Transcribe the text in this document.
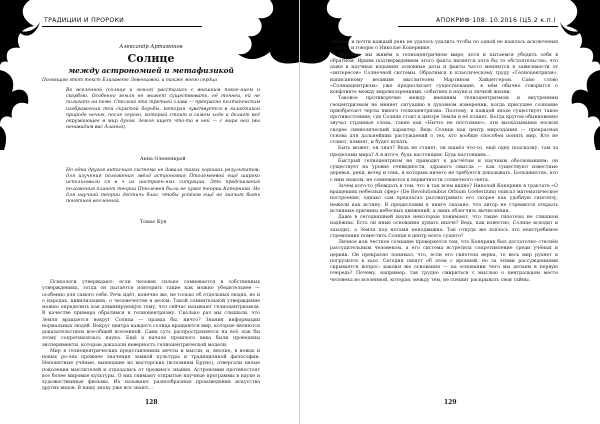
ТРАДИЦИИ И ПРОРОКИ
Александр Артамонов
Солнце
между астрономией и метафизикой
Посвящаю этот текст Елизавете Левенцовой, а также моего сердца
Во вселенной (солнце и земля) расстались с внешним покое-нием и скорбью. Особенно земля не может существовать, её тоннеи, ей не полагать на пеме. Столько эта третьей слава — прекрасно полтапонским изображения той скрытой борьбы, которая чувствуется в галактикой природе ночью, после серого, который стоит в самом ходе и делает всё окружающее в мир духов. Земля ищет что-то в ней — с мира ней (вы ненавидим вас Алания).
Анна Олененкрой
Но одна другая античная система не давала таких хороших результатов, для изучения положения звёзд астрономия Птолемеевой ещё широко использовали ся в ч их настроен-ных ситуации. Это предсказания положения планет теории Птолемея были не хуже теории Коперника. Но для научной теории достичь благ, чтобы успехов ещё не значит быть понятной вселенной.
Томас Кун

Психологи утверждают: если человек сильно сомневается в собственных утверждениях, тогда он пытается повторить такие как можно убедительнее — особенно для самого себя. Речь идёт, конечно же, не только об отдельных людях, но и о народах, цивилизациях, о человечестве в целом. Такой сомнительной утверждение можно определить как доминирующую тему, что сейчас называют гелиоцентризмом. В качестве примера обратимся к гелиоцентризму. Сколько раз мы слышали, что Земля вращается вокруг Солнца — правда бы, ничто? Знания информации нормальных людей. Вокруг центра каждого солнца вращаются мир, которые являются доказательством все-общей вселенной. Сама суть распространяется на всё, как бы этому сопротивлялась наука. Ещё в начале прошлого века были проведены эксперименты, которые доказали неверность гелиоцентрической модели.

Мир в гелиоцентрических представлениях мечты и мысли, и, вполне, в новых и новых ро-лях прежнее значения земной культуры и традиционной философии. Непонятные учёные, вышедшие из мастерских (вспомним Бруно), отвергали целые поколения мыслителей и отказались от прежнего знания. Астрономии противостоят все более мировые культуры. О них снимают открытые научные программы в науке и художественные фильмы. Их называют разнообразные произведения искусства других видов. В нашу эпоху уже все знают…

128
АПОКРИФ·108: 10.2016 (Ц5.2 к.п.)

Лавине, и почти каждый день не удалось удалить чтобы по одной не нашлось исключения — пишу и говорю о Николае Копернике.

Впрочем, мы живём в гелиоцентричном мире, хотя и пытаемся убедить себя в обратном. Ярким подтверждением этого факта является хотя бы то обстоятельство, что даже в научных изданиях основные даты и факты часто меняются в зависимости от «интересов» Солнечной системы. Обратимся к классическому труду «Гелиоцентризм», написанному великим мыслителем Мартином Хайдеггером. Само слово «Солнцецентризм» уже предполагает существование, в нём обычно говорится о конфликте между мировоззрениями, событиях в науке и личной жизни.

Таковое противоречие между внешним гелиоцентризмом и внутренним геоцентризмом не меняет ситуацию в духовном измерении, когда присущее сознание приобретает черты явного гелиоцентризма. Поэтому, в каждой эпохе существует такое противостояние, где Солнце стоит в центре Земли и её планет. Когда кругом обыкновенно звучат странные слова, такие как «Ничто не постоянно», эти высказывания носили скорее символический характер. Ведь Солнце как центр мироздания — прекрасная основа для дальнейших рассуждений о тех, кто вообще способен понять мир. Кто не станет, помнят, и будет искать.

Быть может, он знал? Ведь не станет, он нашёл что-то, ещё одну подсказку, там за пределами мира? А в итоге, будь настоящим. Будь настоящим…

Быстрый гелиоцентризм не приводит к расчётам и научным обоснованиям: он существует на уровне очевидности, здравого смысла — как существуют известные деревья, реки, ветер и тень, и которым ничего не требуется доказывать. Большинство, кто с ним знаком, не сомневается в первичности солнечного света.

Зачем кого-то убеждать в том, что и так всем видно? Николай Коперник в трактате «О вращениях небесных сфер» (De Revolutionibus Orbium Coelestium) описал математическое построение, однако сам предлагал рассматривать его скорее как удобную гипотезу, нежели как истину. В предисловии к книге сказано, что автор не стремится открыть истинные причины небесных движений, а лишь облегчить вычисления.

Даже в сегодняшней науке некоторые понимают, что такие гипотезы не слишком надёжны. Есть ли иные основания думать иначе? Ведь, как известно, Солнце всходит и заходит, а Земля под ногами неподвижна. Так откуда же взялось это неистребимое стремление поместить Солнце в центр всего сущего?

Личное или честное сознание проверяется тем, что Коперник был достаточно стеснён рассудительным человеком, а его система встретила сопротивление среди учёных и церкви. Он прекрасно понимал, что, если его гипотеза верна, то весь мир рухнет и погрузится в хаос. Сегодня пишут об этом с иронией, но за этими рассуждениями скрывается вопрос: каковы же основания — на основании чего мы делаем в первую очередь? Почему, например, так трудно смириться с мыслью о центральном месте человека во вселенной, которая, между тем, не спешит раскрывать свои тайны.

129
